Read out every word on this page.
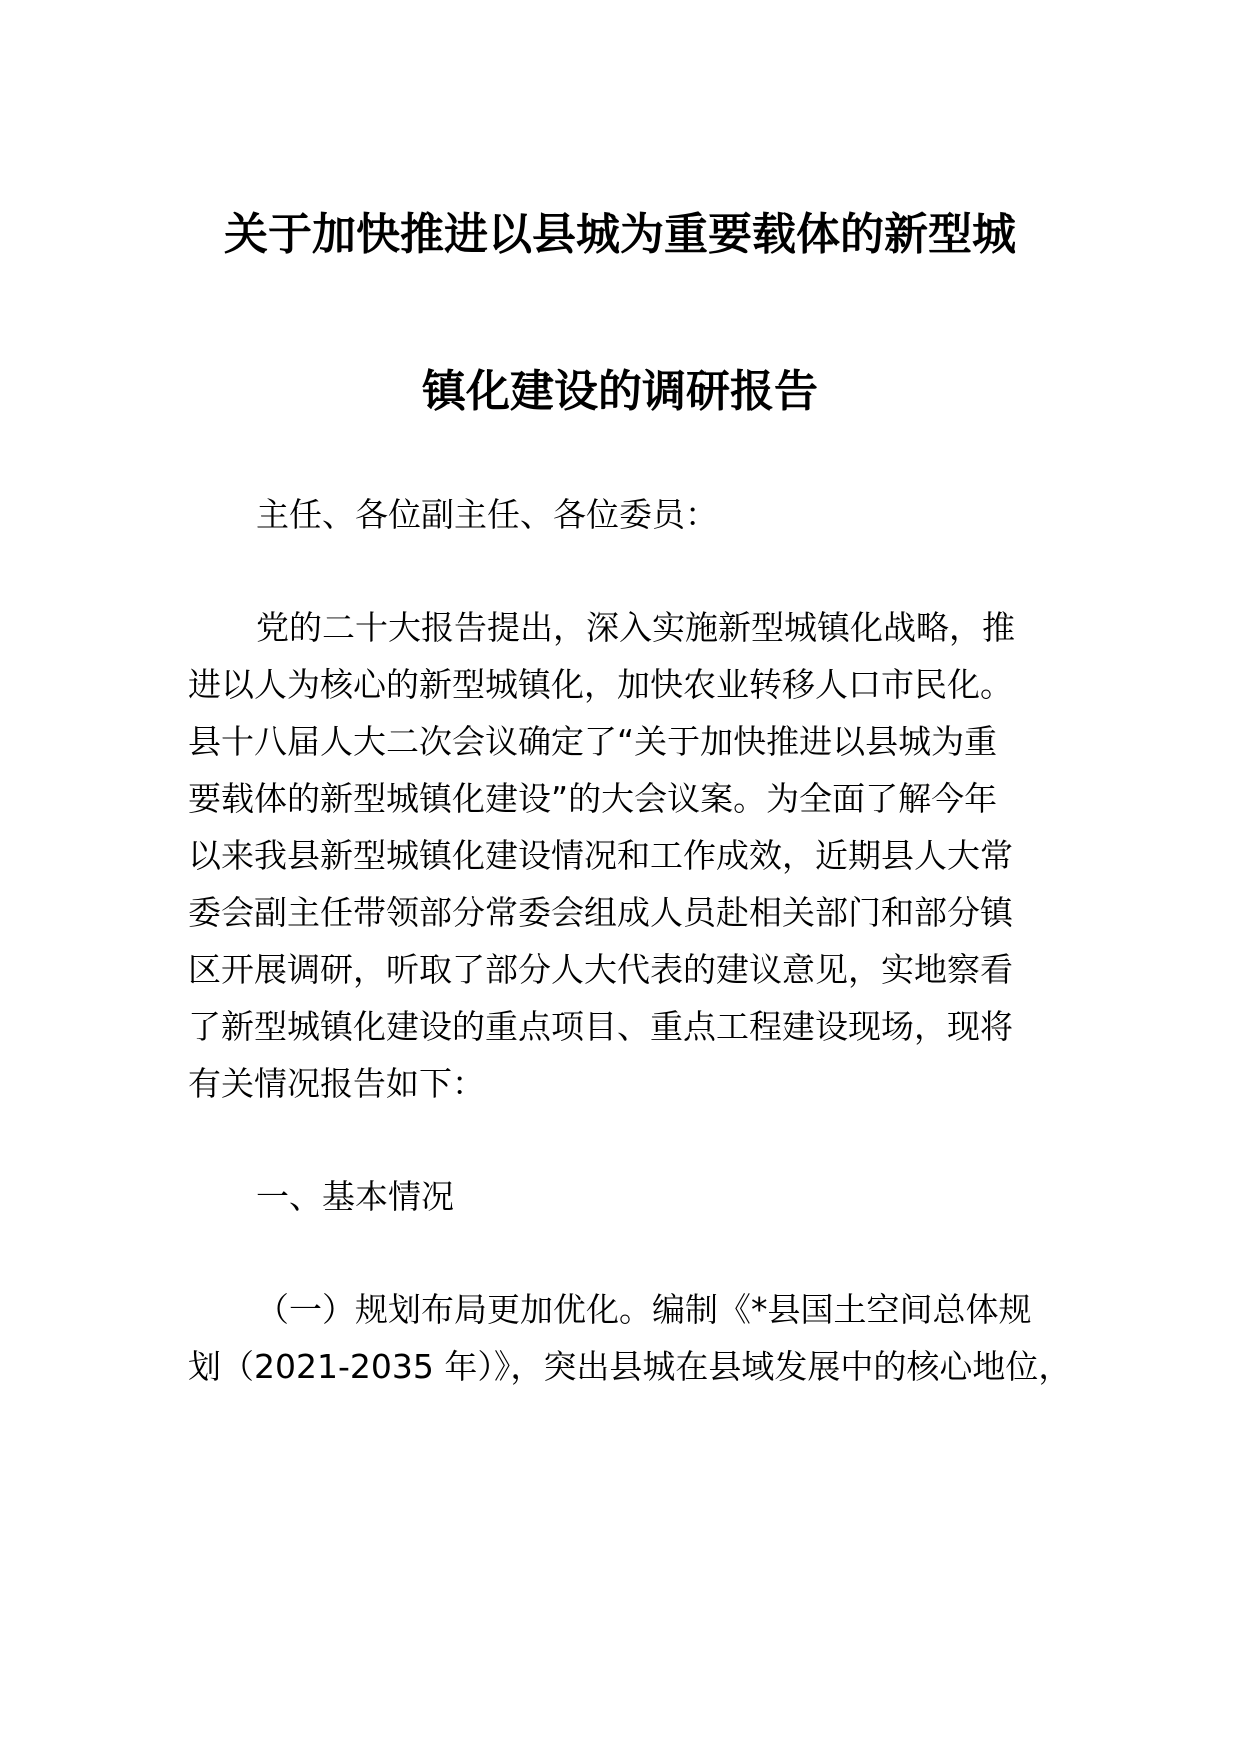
关于加快推进以县城为重要载体的新型城
镇化建设的调研报告
主任、各位副主任、各位委员：
党的二十大报告提出，深入实施新型城镇化战略，推
进以人为核心的新型城镇化，加快农业转移人口市民化。
县十八届人大二次会议确定了“关于加快推进以县城为重
要载体的新型城镇化建设”的大会议案。为全面了解今年
以来我县新型城镇化建设情况和工作成效，近期县人大常
委会副主任带领部分常委会组成人员赴相关部门和部分镇
区开展调研，听取了部分人大代表的建议意见，实地察看
了新型城镇化建设的重点项目、重点工程建设现场，现将
有关情况报告如下：
一、基本情况
（一）规划布局更加优化。编制《*县国土空间总体规
划（2021-2035 年）》，突出县城在县域发展中的核心地位，
